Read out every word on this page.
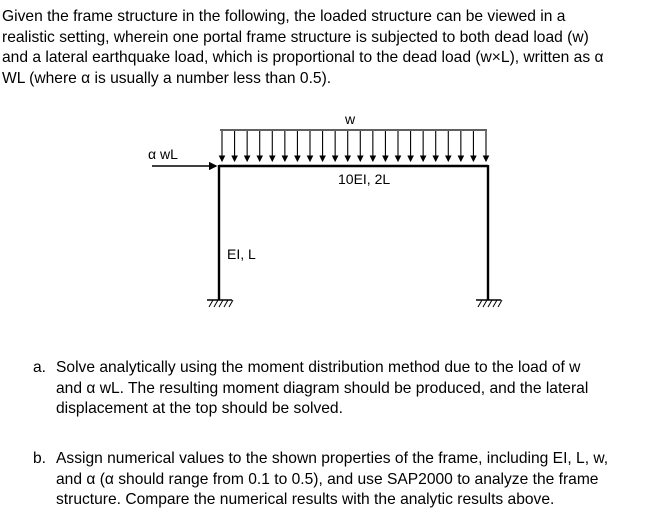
Given the frame structure in the following, the loaded structure can be viewed in a
realistic setting, wherein one portal frame structure is subjected to both dead load (w)
and a lateral earthquake load, which is proportional to the dead load (w×L), written as α
WL (where α is usually a number less than 0.5).
w
α wL
10EI, 2L
EI, L
a. Solve analytically using the moment distribution method due to the load of w
and α wL. The resulting moment diagram should be produced, and the lateral
displacement at the top should be solved.
b. Assign numerical values to the shown properties of the frame, including EI, L, w,
and α (α should range from 0.1 to 0.5), and use SAP2000 to analyze the frame
structure. Compare the numerical results with the analytic results above.
